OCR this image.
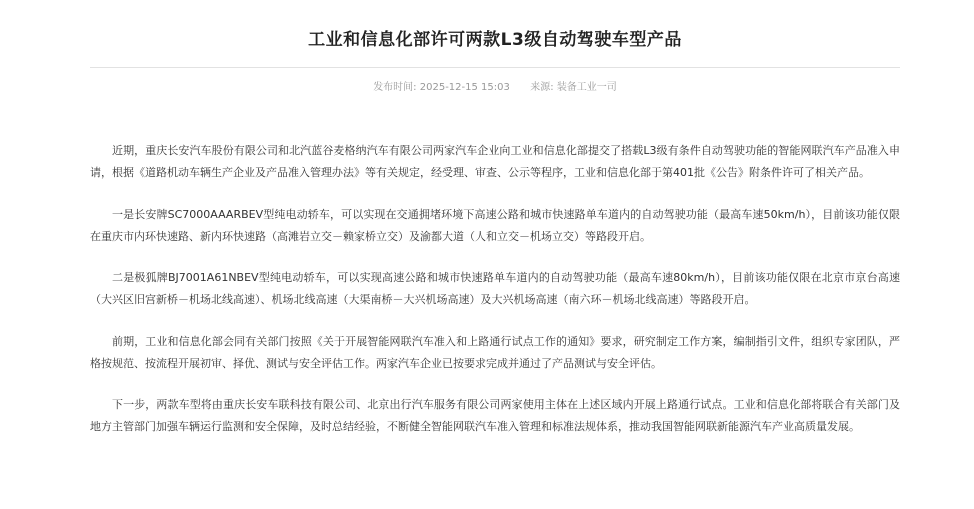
工业和信息化部许可两款L3级自动驾驶车型产品
发布时间: 2025-12-15 15:03 来源: 装备工业一司

近期，重庆长安汽车股份有限公司和北汽蓝谷麦格纳汽车有限公司两家汽车企业向工业和信息化部提交了搭载L3级有条件自动驾驶功能的智能网联汽车产品准入申请，根据《道路机动车辆生产企业及产品准入管理办法》等有关规定，经受理、审查、公示等程序，工业和信息化部于第401批《公告》附条件许可了相关产品。

一是长安牌SC7000AAARBEV型纯电动轿车，可以实现在交通拥堵环境下高速公路和城市快速路单车道内的自动驾驶功能（最高车速50km/h），目前该功能仅限在重庆市内环快速路、新内环快速路（高滩岩立交－赖家桥立交）及渝都大道（人和立交－机场立交）等路段开启。

二是极狐牌BJ7001A61NBEV型纯电动轿车，可以实现高速公路和城市快速路单车道内的自动驾驶功能（最高车速80km/h），目前该功能仅限在北京市京台高速（大兴区旧宫新桥－机场北线高速）、机场北线高速（大渠南桥－大兴机场高速）及大兴机场高速（南六环－机场北线高速）等路段开启。

前期，工业和信息化部会同有关部门按照《关于开展智能网联汽车准入和上路通行试点工作的通知》要求，研究制定工作方案，编制指引文件，组织专家团队，严格按规范、按流程开展初审、择优、测试与安全评估工作。两家汽车企业已按要求完成并通过了产品测试与安全评估。

下一步，两款车型将由重庆长安车联科技有限公司、北京出行汽车服务有限公司两家使用主体在上述区域内开展上路通行试点。工业和信息化部将联合有关部门及地方主管部门加强车辆运行监测和安全保障，及时总结经验，不断健全智能网联汽车准入管理和标准法规体系，推动我国智能网联新能源汽车产业高质量发展。
